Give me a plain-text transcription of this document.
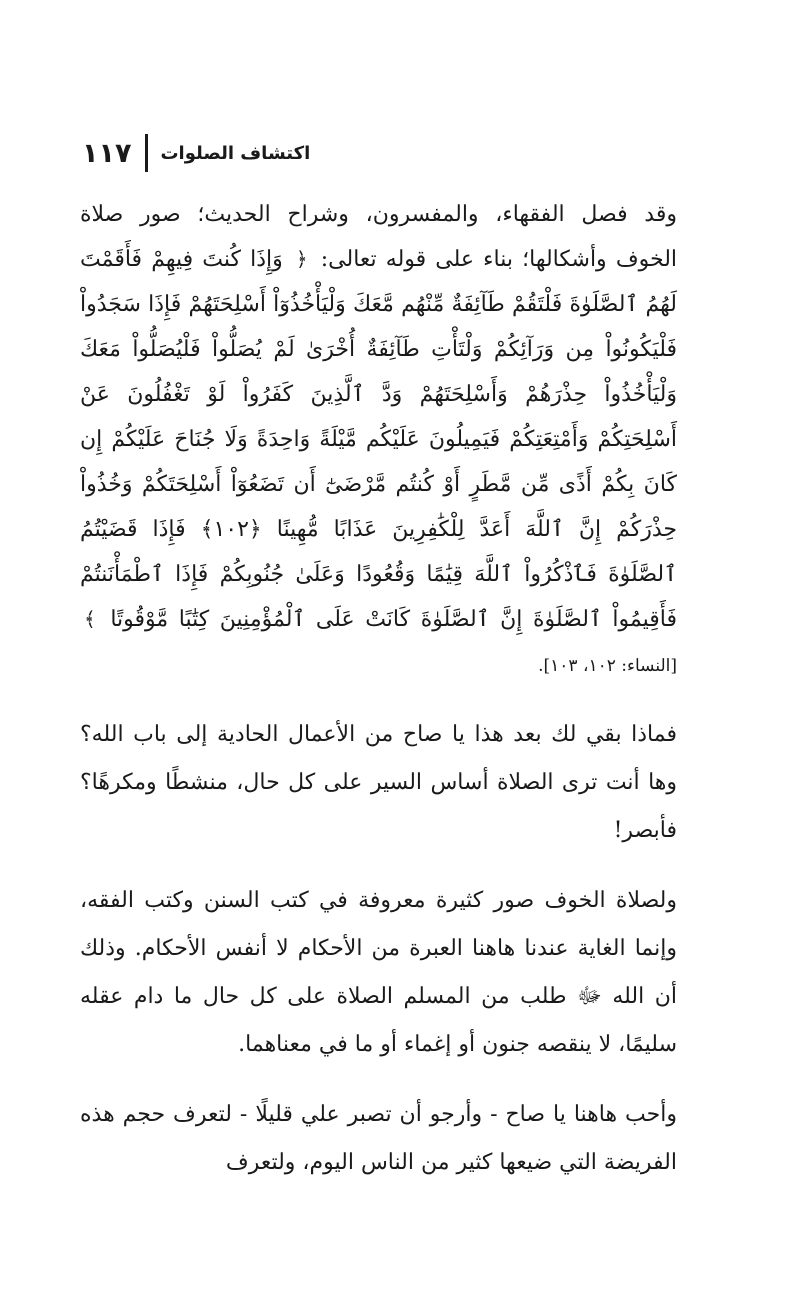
١١٧ اكتشاف الصلوات

وقد فصل الفقهاء، والمفسرون، وشراح الحديث؛ صور صلاة الخوف وأشكالها؛ بناء على قوله تعالى: ﴿ وَإِذَا كُنتَ فِيهِمْ فَأَقَمْتَ لَهُمُ ٱلصَّلَوٰةَ فَلْتَقُمْ طَآئِفَةٌ مِّنْهُم مَّعَكَ وَلْيَأْخُذُوٓاْ أَسْلِحَتَهُمْ فَإِذَا سَجَدُواْ فَلْيَكُونُواْ مِن وَرَآئِكُمْ وَلْتَأْتِ طَآئِفَةٌ أُخْرَىٰ لَمْ يُصَلُّواْ فَلْيُصَلُّواْ مَعَكَ وَلْيَأْخُذُواْ حِذْرَهُمْ وَأَسْلِحَتَهُمْ وَدَّ ٱلَّذِينَ كَفَرُواْ لَوْ تَغْفُلُونَ عَنْ أَسْلِحَتِكُمْ وَأَمْتِعَتِكُمْ فَيَمِيلُونَ عَلَيْكُم مَّيْلَةً وَاحِدَةً وَلَا جُنَاحَ عَلَيْكُمْ إِن كَانَ بِكُمْ أَذًى مِّن مَّطَرٍ أَوْ كُنتُم مَّرْضَىٰٓ أَن تَضَعُوٓاْ أَسْلِحَتَكُمْ وَخُذُواْ حِذْرَكُمْ إِنَّ ٱللَّهَ أَعَدَّ لِلْكَٰفِرِينَ عَذَابًا مُّهِينًا ﴿١٠٢﴾ فَإِذَا قَضَيْتُمُ ٱلصَّلَوٰةَ فَٱذْكُرُواْ ٱللَّهَ قِيَٰمًا وَقُعُودًا وَعَلَىٰ جُنُوبِكُمْ فَإِذَا ٱطْمَأْنَنتُمْ فَأَقِيمُواْ ٱلصَّلَوٰةَ إِنَّ ٱلصَّلَوٰةَ كَانَتْ عَلَى ٱلْمُؤْمِنِينَ كِتَٰبًا مَّوْقُوتًا ﴾ [النساء: ١٠٢، ١٠٣].

فماذا بقي لك بعد هذا يا صاح من الأعمال الحادية إلى باب الله؟ وها أنت ترى الصلاة أساس السير على كل حال، منشطًا ومكرهًا؟ فأبصر!

ولصلاة الخوف صور كثيرة معروفة في كتب السنن وكتب الفقه، وإنما الغاية عندنا هاهنا العبرة من الأحكام لا أنفس الأحكام. وذلك أن الله ﷻ طلب من المسلم الصلاة على كل حال ما دام عقله سليمًا، لا ينقصه جنون أو إغماء أو ما في معناهما.

وأحب هاهنا يا صاح - وأرجو أن تصبر علي قليلًا - لتعرف حجم هذه الفريضة التي ضيعها كثير من الناس اليوم، ولتعرف
